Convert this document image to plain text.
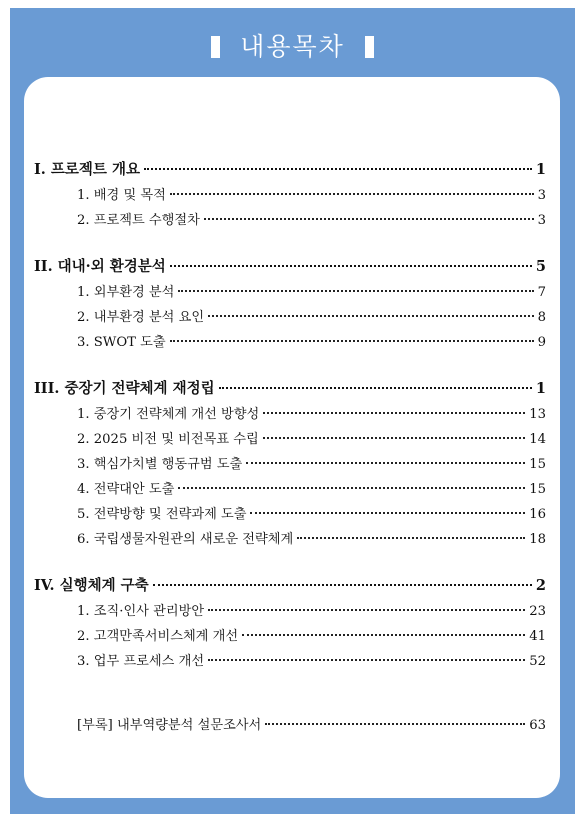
내용목차
I. 프로젝트 개요	1
1. 배경 및 목적	3
2. 프로젝트 수행절차	3
II. 대내·외 환경분석	5
1. 외부환경 분석	7
2. 내부환경 분석 요인	8
3. SWOT 도출	9
III. 중장기 전략체계 재정립	1
1. 중장기 전략체계 개선 방향성	13
2. 2025 비전 및 비전목표 수립	14
3. 핵심가치별 행동규범 도출	15
4. 전략대안 도출	15
5. 전략방향 및 전략과제 도출	16
6. 국립생물자원관의 새로운 전략체계	18
IV. 실행체계 구축	2
1. 조직·인사 관리방안	23
2. 고객만족서비스체계 개선	41
3. 업무 프로세스 개선	52
[부록] 내부역량분석 설문조사서	63
